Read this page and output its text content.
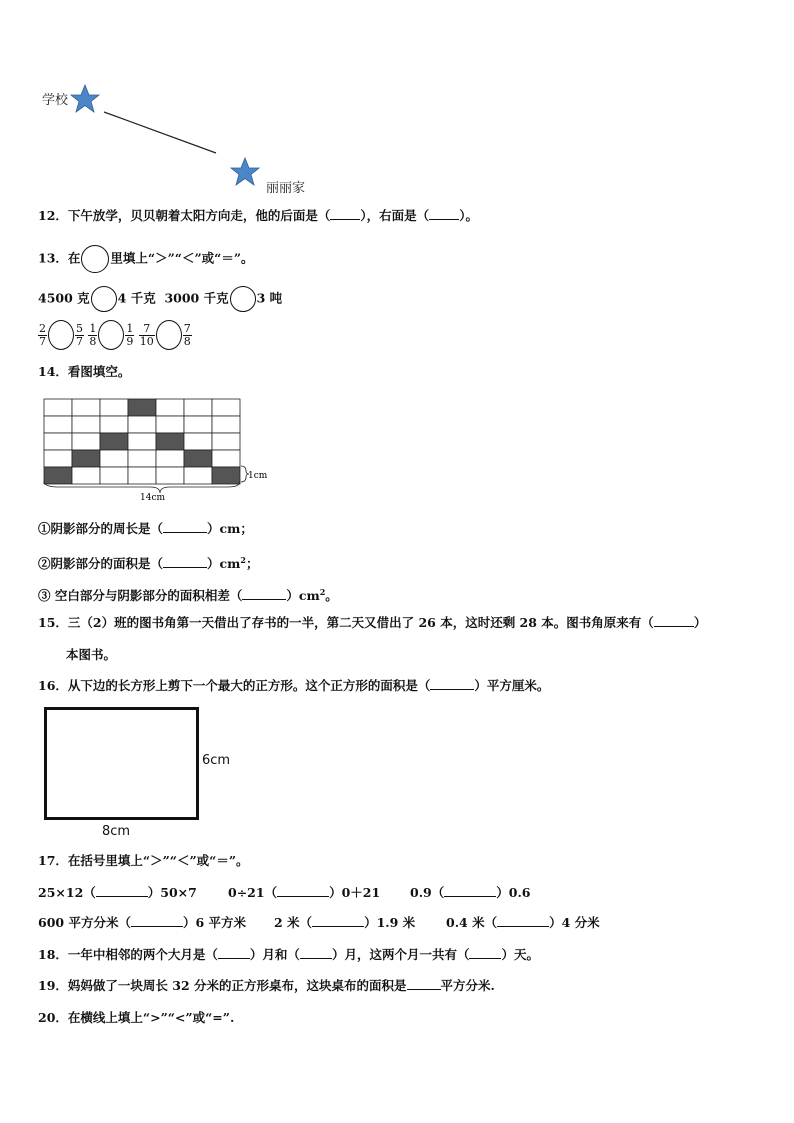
学校
丽丽家
12．下午放学，贝贝朝着太阳方向走，他的后面是（ ），右面是（ ）。
13．在 里填上“＞”“＜”或“＝”。
4500 克 4 千克 3000 千克 3 吨
$\frac{2}{7}$	$\frac{5}{7}$
$\frac{1}{8}$	$\frac{1}{9}$
$\frac{7}{10}$	$\frac{7}{8}$
14．看图填空。
14cm
1cm
①阴影部分的周长是（	）cm；
②阴影部分的面积是（	）$cm^2$；
③ 空白部分与阴影部分的面积相差（	）$cm^2$。
15．三（2）班的图书角第一天借出了存书的一半，第二天又借出了 26 本，这时还剩 28 本。图书角原来有（	）
本图书。
16．从下边的长方形上剪下一个最大的正方形。这个正方形的面积是（	）平方厘米。
6cm
8cm
17．在括号里填上“＞”“＜”或“＝”。
25×12（	）50×7 0÷21（	）0＋21 0.9（	）0.6
600 平方分米（	）6 平方米 2 米（	）1.9 米 0.4 米（	）4 分米
18．一年中相邻的两个大月是（	）月和（	）月，这两个月一共有（	）天。
19．妈妈做了一块周长 32 分米的正方形桌布，这块桌布的面积是	平方分米.
20．在横线上填上“>”“<”或“=”.
